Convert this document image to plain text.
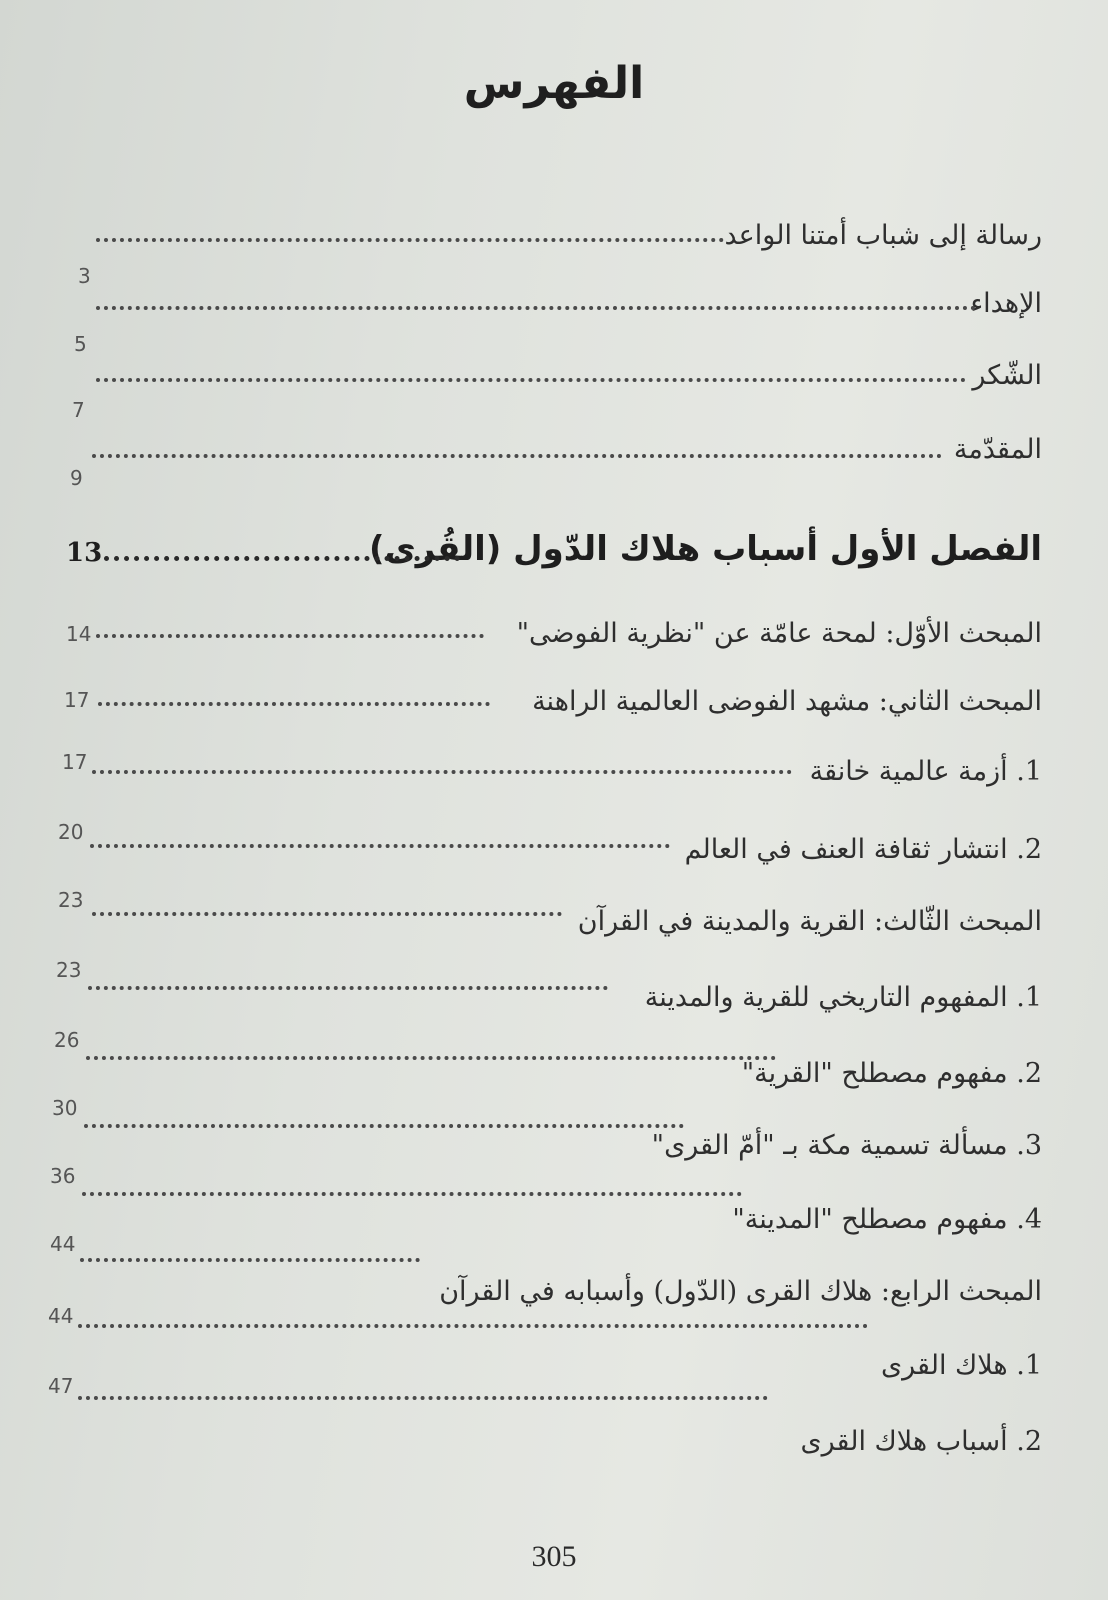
الفهرس
رسالة إلى شباب أمتنا الواعد
3
الإهداء
5
الشّكر
7
المقدّمة
9
الفصل الأول أسباب هلاك الدّول (القُرى)
13
المبحث الأوّل: لمحة عامّة عن "نظرية الفوضى"
14
المبحث الثاني: مشهد الفوضى العالمية الراهنة
17
1. أزمة عالمية خانقة
17
2. انتشار ثقافة العنف في العالم
20
المبحث الثّالث: القرية والمدينة في القرآن
23
1. المفهوم التاريخي للقرية والمدينة
23
2. مفهوم مصطلح "القرية"
26
3. مسألة تسمية مكة بـ "أمّ القرى"
30
4. مفهوم مصطلح "المدينة"
36
المبحث الرابع: هلاك القرى (الدّول) وأسبابه في القرآن
44
1. هلاك القرى
44
2. أسباب هلاك القرى
47
305
